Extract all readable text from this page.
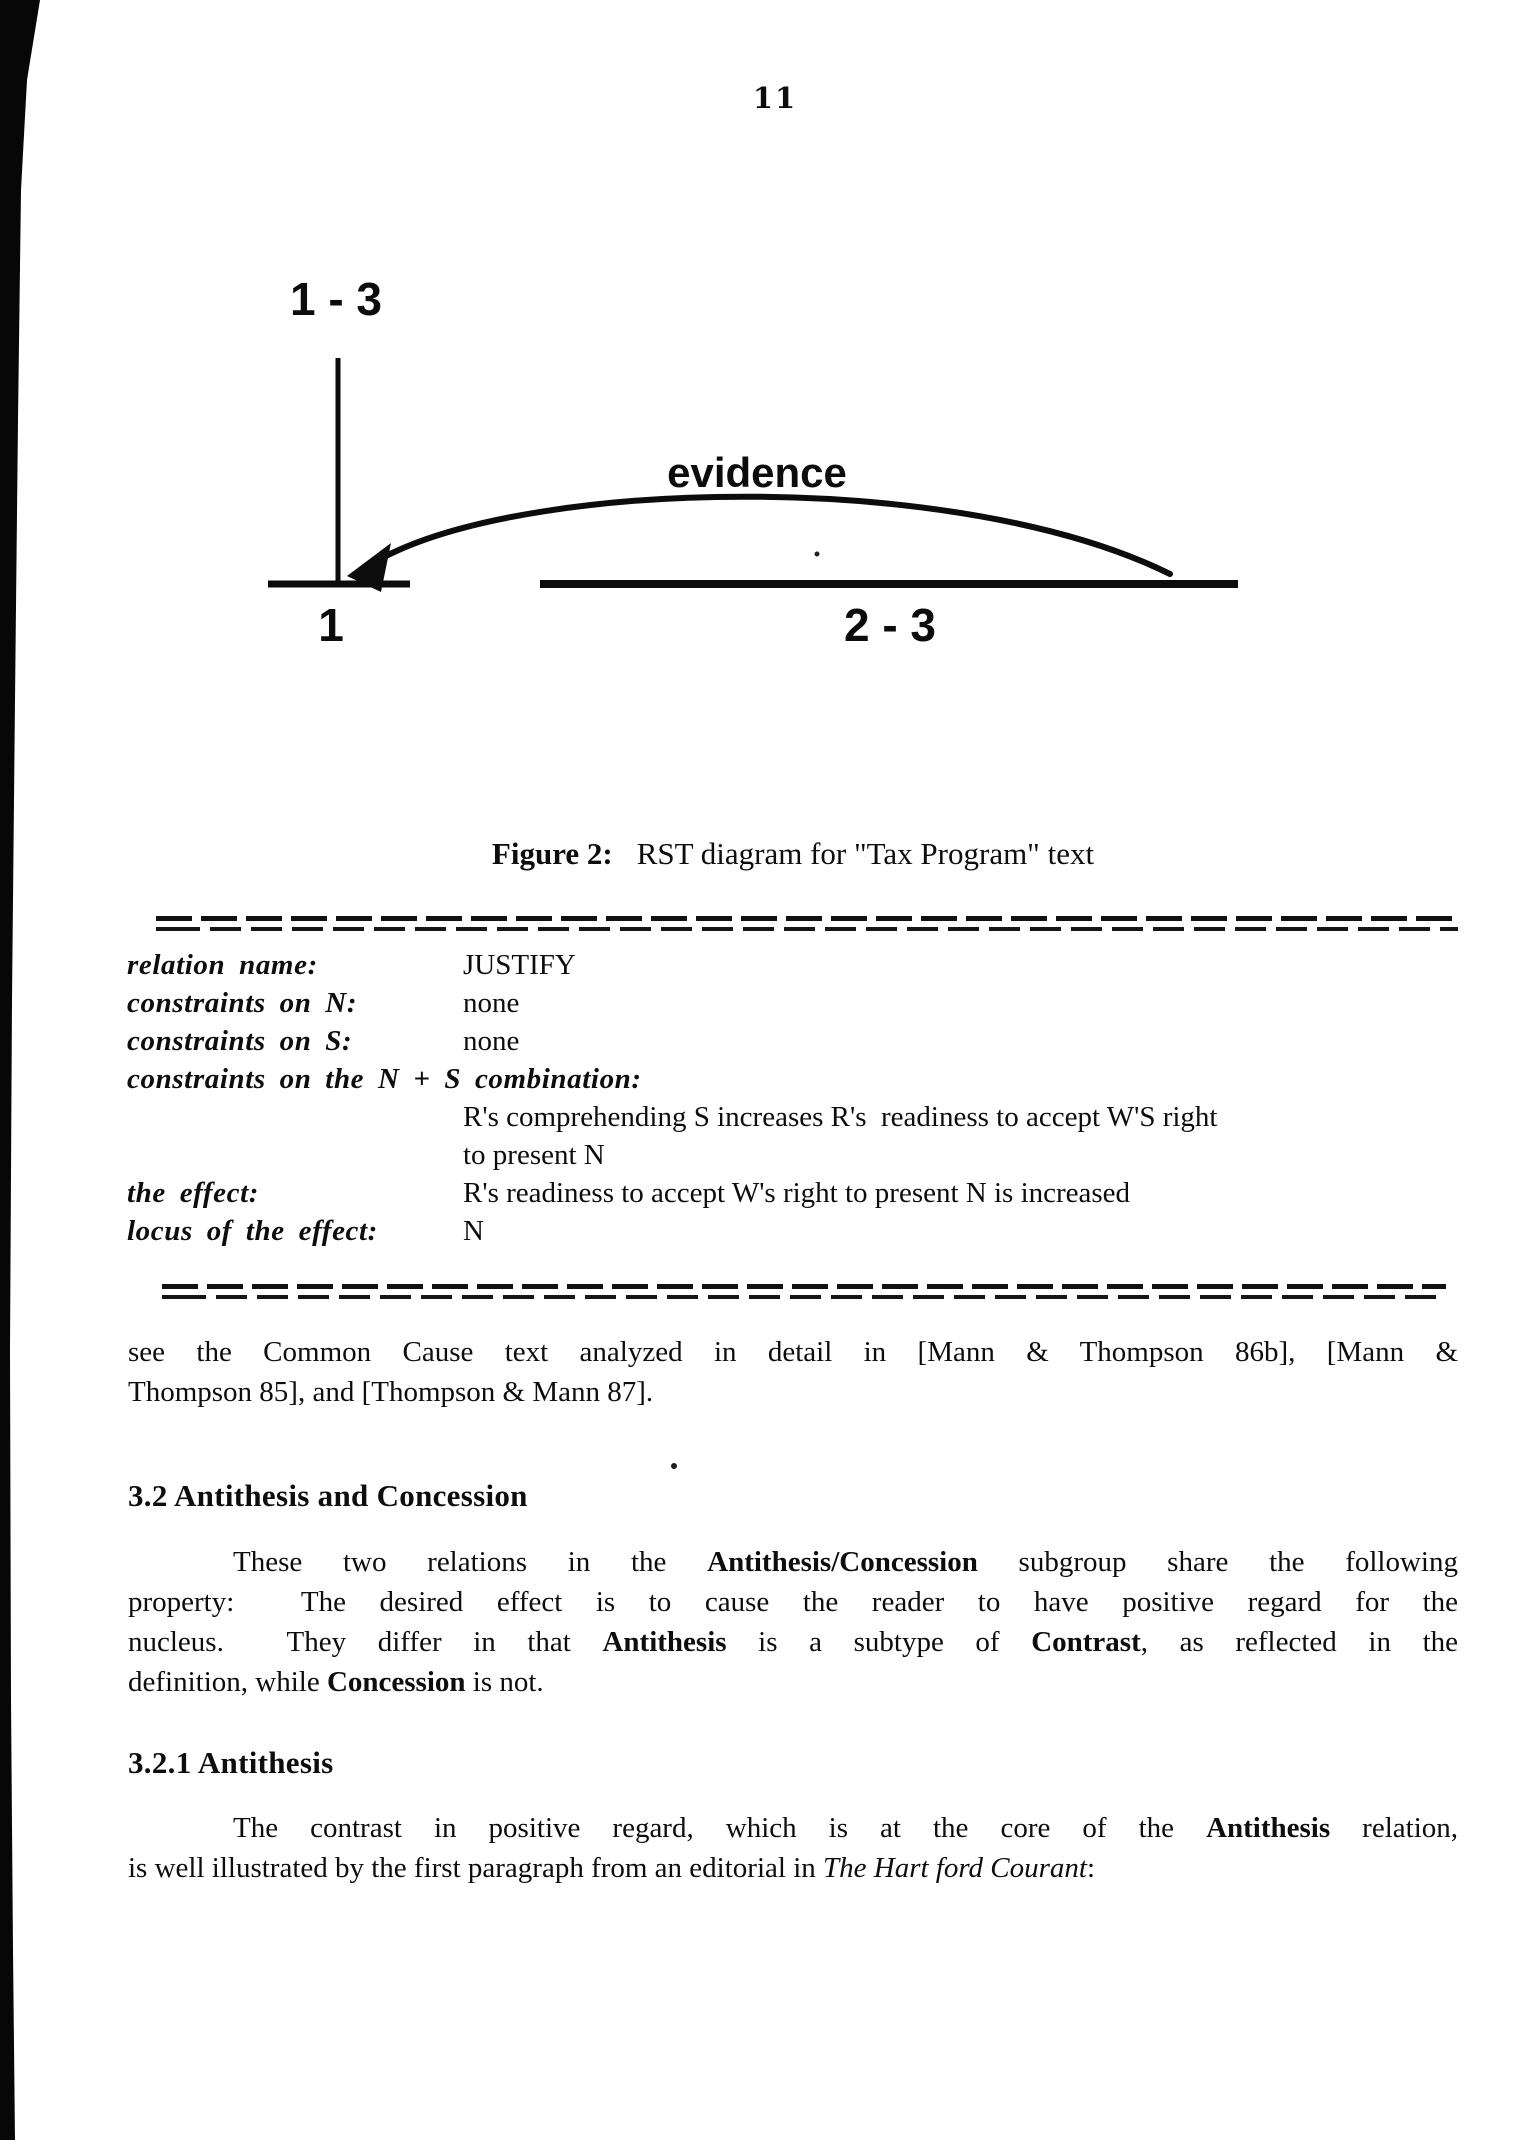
11
1 - 3
evidence
1	2 - 3
Figure 2: RST diagram for "Tax Program" text
relation name:	JUSTIFY
constraints on N:	none
constraints on S:	none
constraints on the N + S combination:
R's comprehending S increases R's  readiness to accept W'S right
to present N
the effect:	R's readiness to accept W's right to present N is increased
locus of the effect:	N
see the Common Cause text analyzed in detail in [Mann & Thompson 86b], [Mann &
Thompson 85], and [Thompson & Mann 87].
3.2 Antithesis and Concession
These two relations in the Antithesis/Concession subgroup share the following
property:  The desired effect is to cause the reader to have positive regard for the
nucleus.  They differ in that Antithesis is a subtype of Contrast, as reflected in the
definition, while Concession is not.
3.2.1 Antithesis
The contrast in positive regard, which is at the core of the Antithesis relation,
is well illustrated by the first paragraph from an editorial in The Hart ford Courant:
